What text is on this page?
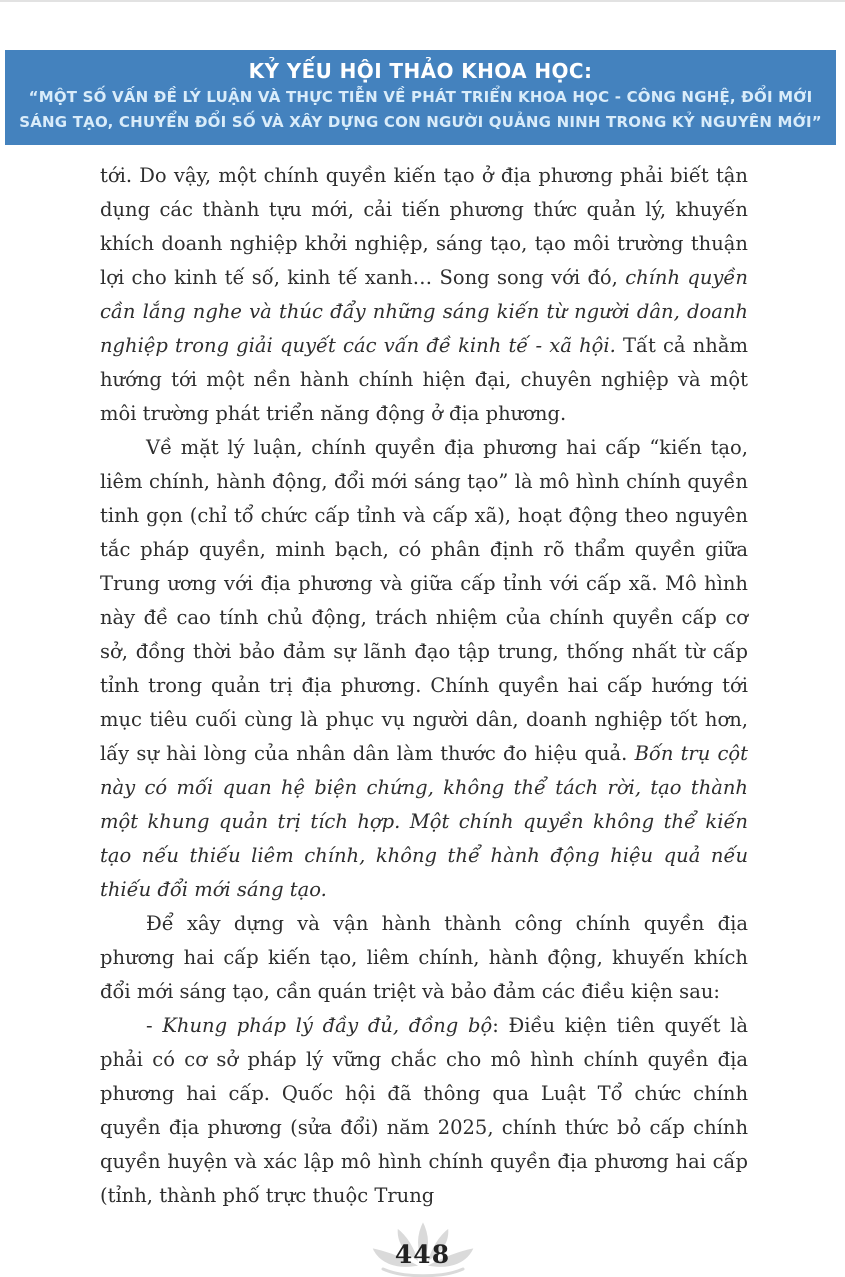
KỶ YẾU HỘI THẢO KHOA HỌC:
“MỘT SỐ VẤN ĐỀ LÝ LUẬN VÀ THỰC TIỄN VỀ PHÁT TRIỂN KHOA HỌC - CÔNG NGHỆ, ĐỔI MỚI
SÁNG TẠO, CHUYỂN ĐỔI SỐ VÀ XÂY DỰNG CON NGƯỜI QUẢNG NINH TRONG KỶ NGUYÊN MỚI”

tới. Do vậy, một chính quyền kiến tạo ở địa phương phải biết tận dụng các thành tựu mới, cải tiến phương thức quản lý, khuyến khích doanh nghiệp khởi nghiệp, sáng tạo, tạo môi trường thuận lợi cho kinh tế số, kinh tế xanh… Song song với đó, chính quyền cần lắng nghe và thúc đẩy những sáng kiến từ người dân, doanh nghiệp trong giải quyết các vấn đề kinh tế - xã hội. Tất cả nhằm hướng tới một nền hành chính hiện đại, chuyên nghiệp và một môi trường phát triển năng động ở địa phương.

Về mặt lý luận, chính quyền địa phương hai cấp “kiến tạo, liêm chính, hành động, đổi mới sáng tạo” là mô hình chính quyền tinh gọn (chỉ tổ chức cấp tỉnh và cấp xã), hoạt động theo nguyên tắc pháp quyền, minh bạch, có phân định rõ thẩm quyền giữa Trung ương với địa phương và giữa cấp tỉnh với cấp xã. Mô hình này đề cao tính chủ động, trách nhiệm của chính quyền cấp cơ sở, đồng thời bảo đảm sự lãnh đạo tập trung, thống nhất từ cấp tỉnh trong quản trị địa phương. Chính quyền hai cấp hướng tới mục tiêu cuối cùng là phục vụ người dân, doanh nghiệp tốt hơn, lấy sự hài lòng của nhân dân làm thước đo hiệu quả. Bốn trụ cột này có mối quan hệ biện chứng, không thể tách rời, tạo thành một khung quản trị tích hợp. Một chính quyền không thể kiến tạo nếu thiếu liêm chính, không thể hành động hiệu quả nếu thiếu đổi mới sáng tạo.

Để xây dựng và vận hành thành công chính quyền địa phương hai cấp kiến tạo, liêm chính, hành động, khuyến khích đổi mới sáng tạo, cần quán triệt và bảo đảm các điều kiện sau:

- Khung pháp lý đầy đủ, đồng bộ: Điều kiện tiên quyết là phải có cơ sở pháp lý vững chắc cho mô hình chính quyền địa phương hai cấp. Quốc hội đã thông qua Luật Tổ chức chính quyền địa phương (sửa đổi) năm 2025, chính thức bỏ cấp chính quyền huyện và xác lập mô hình chính quyền địa phương hai cấp (tỉnh, thành phố trực thuộc Trung

448
